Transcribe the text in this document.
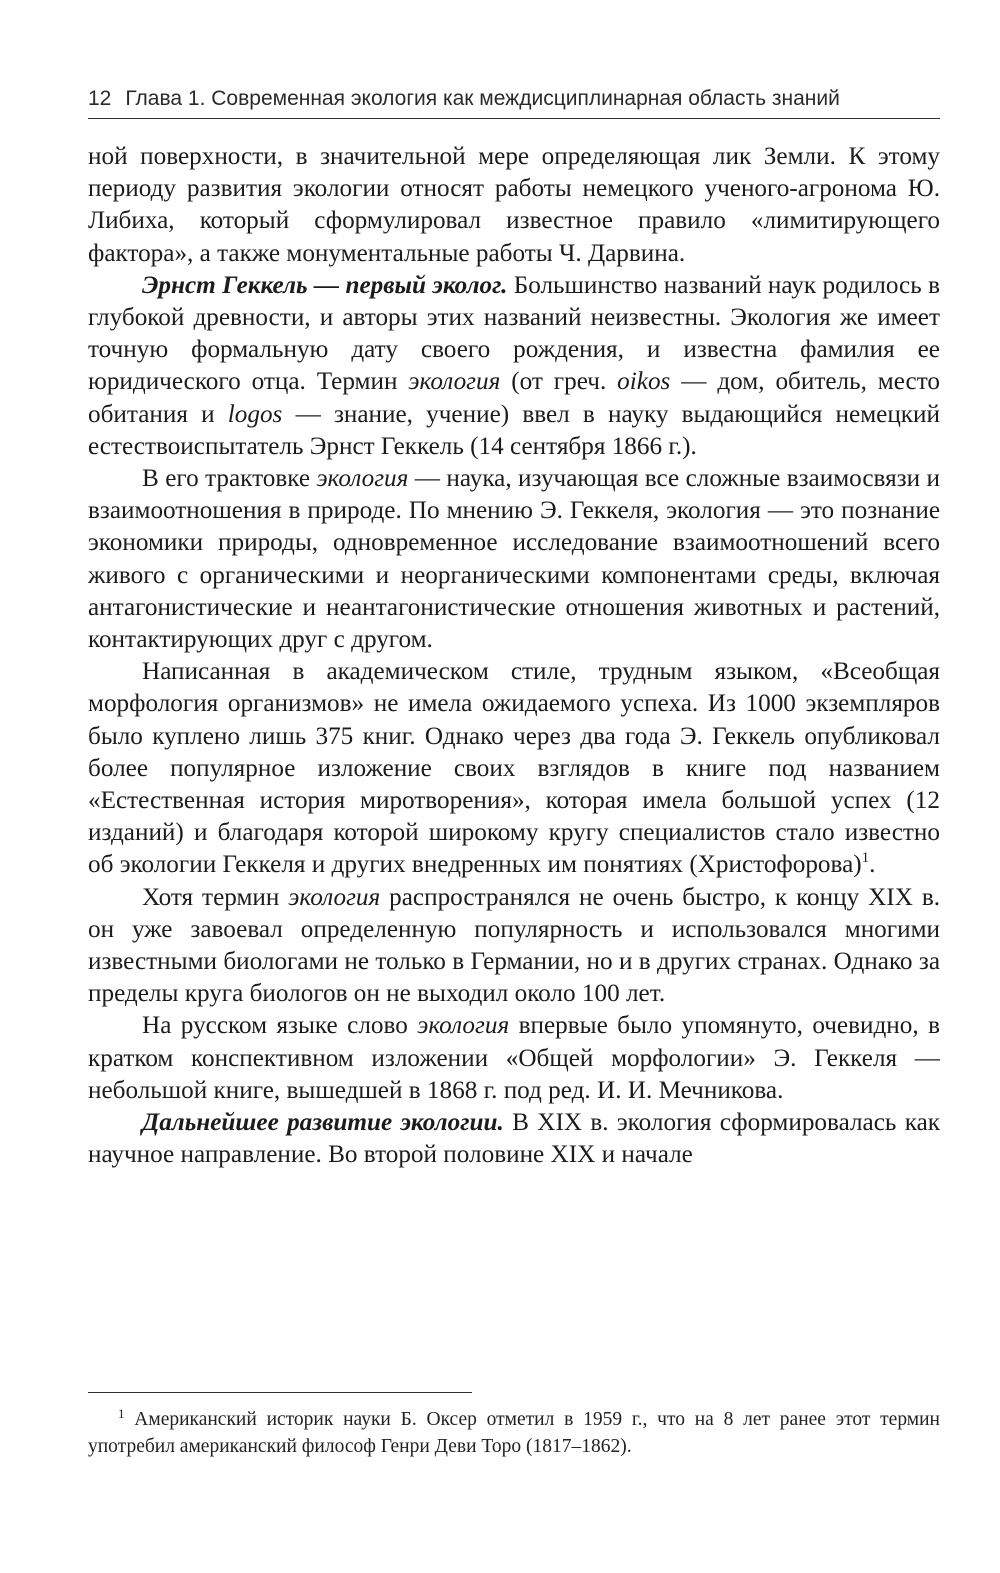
12 Глава 1. Современная экология как междисциплинарная область знаний

ной поверхности, в значительной мере определяющая лик Земли. К этому периоду развития экологии относят работы немецкого ученого-агронома Ю. Либиха, который сформулировал известное правило «лимитирующего фактора», а также монументальные работы Ч. Дарвина.

Эрнст Геккель — первый эколог. Большинство названий наук родилось в глубокой древности, и авторы этих названий неизвестны. Экология же имеет точную формальную дату своего рождения, и известна фамилия ее юридического отца. Термин экология (от греч. oikos — дом, обитель, место обитания и logos — знание, учение) ввел в науку выдающийся немецкий естествоиспытатель Эрнст Геккель (14 сентября 1866 г.).

В его трактовке экология — наука, изучающая все сложные взаимосвязи и взаимоотношения в природе. По мнению Э. Геккеля, экология — это познание экономики природы, одновременное исследование взаимоотношений всего живого с органическими и неорганическими компонентами среды, включая антагонистические и неантагонистические отношения животных и растений, контактирующих друг с другом.

Написанная в академическом стиле, трудным языком, «Всеобщая морфология организмов» не имела ожидаемого успеха. Из 1000 экземпляров было куплено лишь 375 книг. Однако через два года Э. Геккель опубликовал более популярное изложение своих взглядов в книге под названием «Естественная история миротворения», которая имела большой успех (12 изданий) и благодаря которой широкому кругу специалистов стало известно об экологии Геккеля и других внедренных им понятиях (Христофорова)$^1$.

Хотя термин экология распространялся не очень быстро, к концу XIX в. он уже завоевал определенную популярность и использовался многими известными биологами не только в Германии, но и в других странах. Однако за пределы круга биологов он не выходил около 100 лет.

На русском языке слово экология впервые было упомянуто, очевидно, в кратком конспективном изложении «Общей морфологии» Э. Геккеля — небольшой книге, вышедшей в 1868 г. под ред. И. И. Мечникова.

Дальнейшее развитие экологии. В XIX в. экология сформировалась как научное направление. Во второй половине XIX и начале

$^1$ Американский историк науки Б. Оксер отметил в 1959 г., что на 8 лет ранее этот термин употребил американский философ Генри Деви Торо (1817–1862).
